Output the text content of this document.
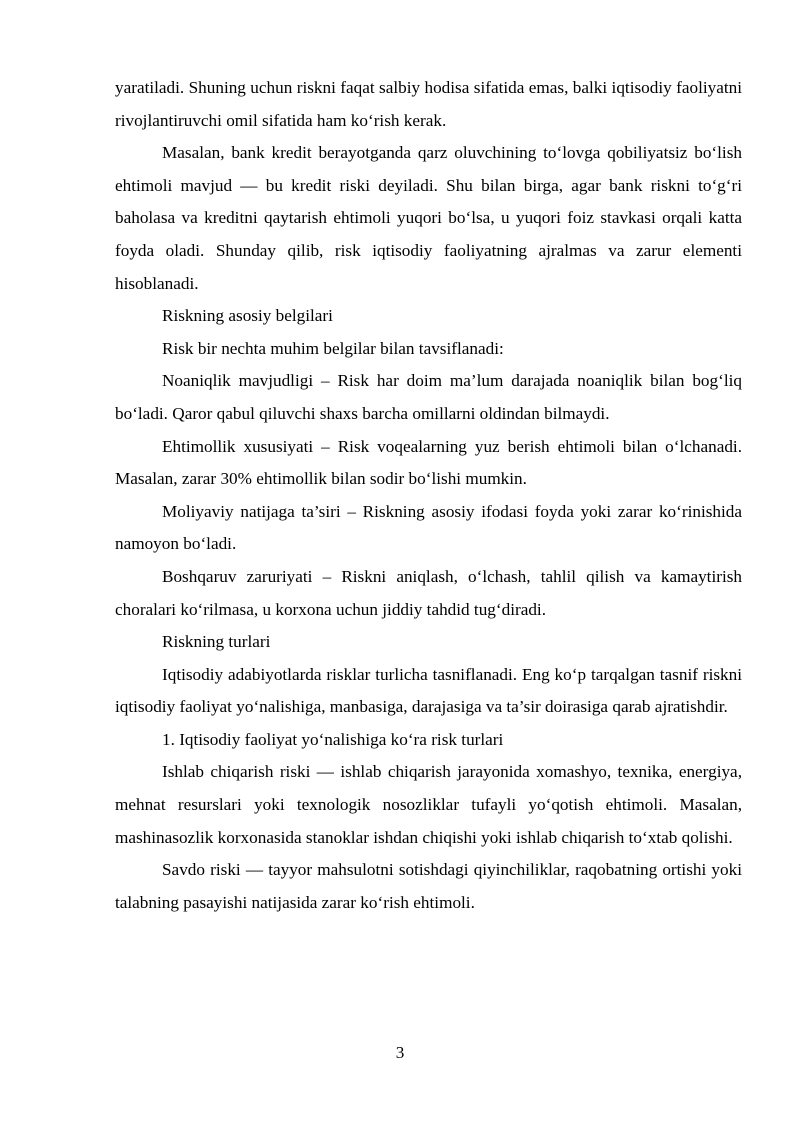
yaratiladi. Shuning uchun riskni faqat salbiy hodisa sifatida emas, balki iqtisodiy faoliyatni rivojlantiruvchi omil sifatida ham ko‘rish kerak.

Masalan, bank kredit berayotganda qarz oluvchining to‘lovga qobiliyatsiz bo‘lish ehtimoli mavjud — bu kredit riski deyiladi. Shu bilan birga, agar bank riskni to‘g‘ri baholasa va kreditni qaytarish ehtimoli yuqori bo‘lsa, u yuqori foiz stavkasi orqali katta foyda oladi. Shunday qilib, risk iqtisodiy faoliyatning ajralmas va zarur elementi hisoblanadi.

Riskning asosiy belgilari

Risk bir nechta muhim belgilar bilan tavsiflanadi:

Noaniqlik mavjudligi – Risk har doim ma’lum darajada noaniqlik bilan bog‘liq bo‘ladi. Qaror qabul qiluvchi shaxs barcha omillarni oldindan bilmaydi.

Ehtimollik xususiyati – Risk voqealarning yuz berish ehtimoli bilan o‘lchanadi. Masalan, zarar 30% ehtimollik bilan sodir bo‘lishi mumkin.

Moliyaviy natijaga ta’siri – Riskning asosiy ifodasi foyda yoki zarar ko‘rinishida namoyon bo‘ladi.

Boshqaruv zaruriyati – Riskni aniqlash, o‘lchash, tahlil qilish va kamaytirish choralari ko‘rilmasa, u korxona uchun jiddiy tahdid tug‘diradi.

Riskning turlari

Iqtisodiy adabiyotlarda risklar turlicha tasniflanadi. Eng ko‘p tarqalgan tasnif riskni iqtisodiy faoliyat yo‘nalishiga, manbasiga, darajasiga va ta’sir doirasiga qarab ajratishdir.

1. Iqtisodiy faoliyat yo‘nalishiga ko‘ra risk turlari

Ishlab chiqarish riski — ishlab chiqarish jarayonida xomashyo, texnika, energiya, mehnat resurslari yoki texnologik nosozliklar tufayli yo‘qotish ehtimoli. Masalan, mashinasozlik korxonasida stanoklar ishdan chiqishi yoki ishlab chiqarish to‘xtab qolishi.

Savdo riski — tayyor mahsulotni sotishdagi qiyinchiliklar, raqobatning ortishi yoki talabning pasayishi natijasida zarar ko‘rish ehtimoli.

3
